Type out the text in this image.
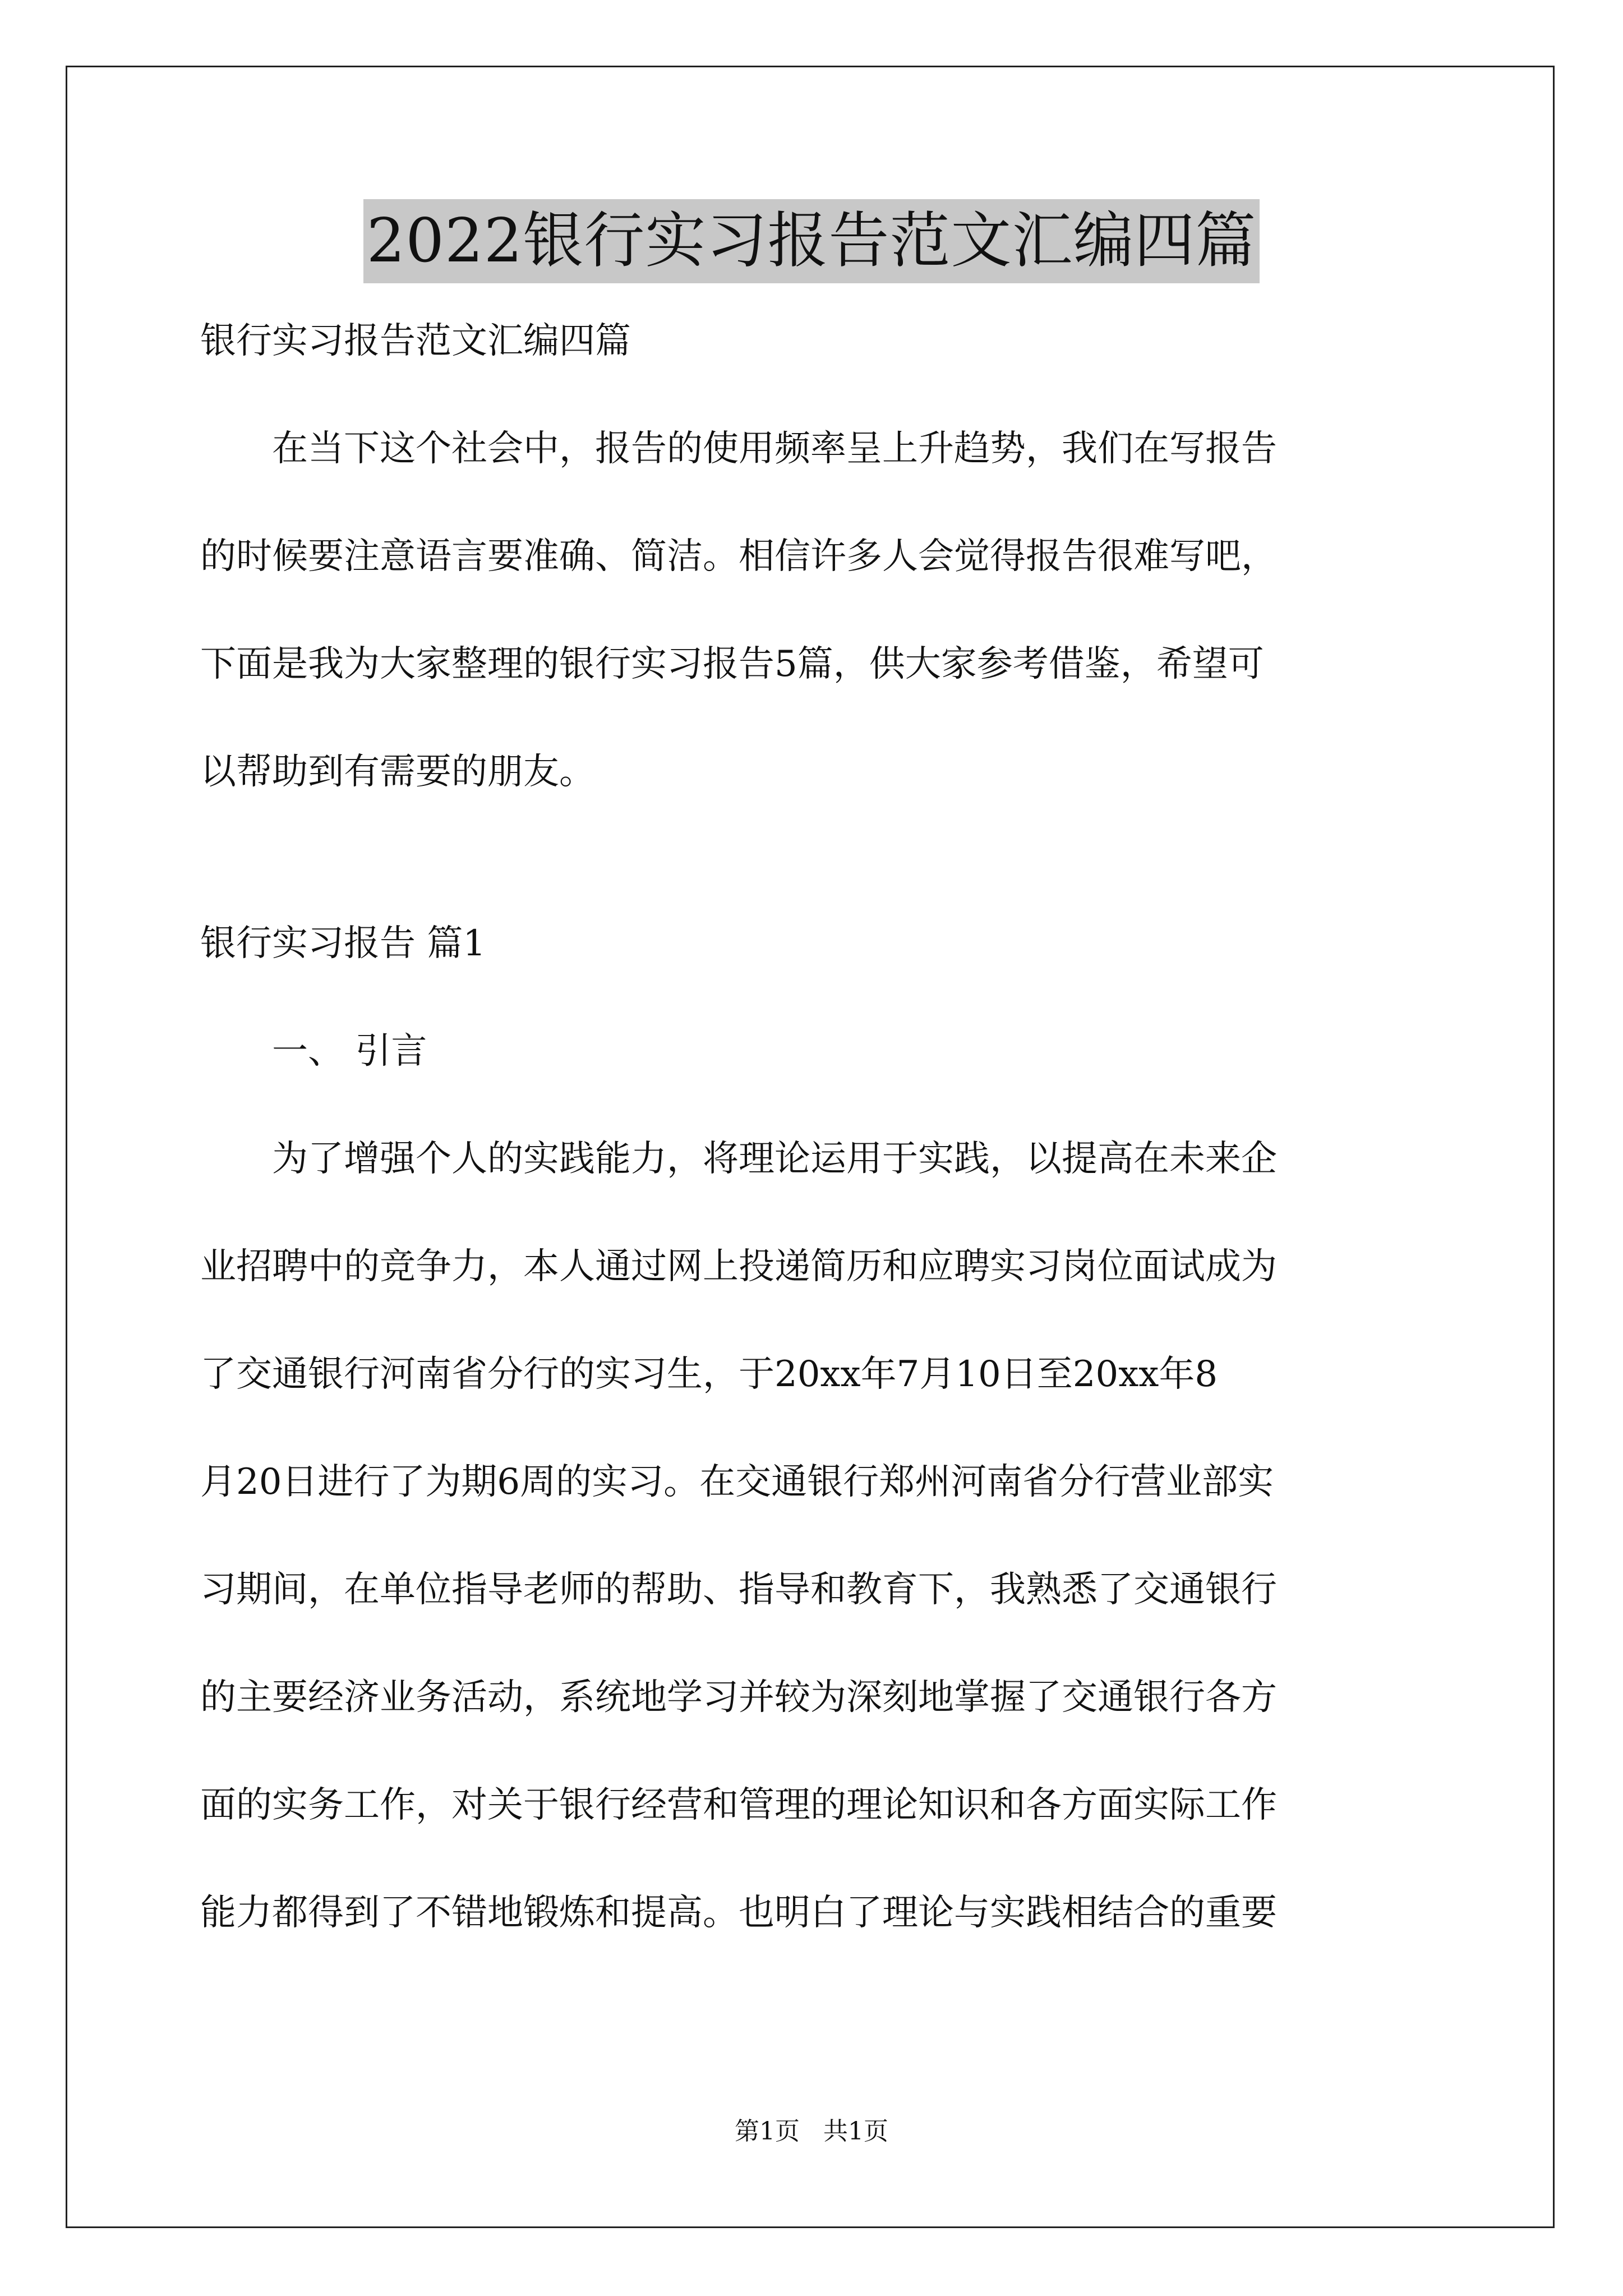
2022银行实习报告范文汇编四篇
银行实习报告范文汇编四篇
　　在当下这个社会中，报告的使用频率呈上升趋势，我们在写报告
的时候要注意语言要准确、简洁。相信许多人会觉得报告很难写吧，
下面是我为大家整理的银行实习报告5篇，供大家参考借鉴，希望可
以帮助到有需要的朋友。
银行实习报告 篇1
　　一、 引言
　　为了增强个人的实践能力，将理论运用于实践，以提高在未来企
业招聘中的竞争力，本人通过网上投递简历和应聘实习岗位面试成为
了交通银行河南省分行的实习生，于20xx年7月10日至20xx年8
月20日进行了为期6周的实习。在交通银行郑州河南省分行营业部实
习期间，在单位指导老师的帮助、指导和教育下，我熟悉了交通银行
的主要经济业务活动，系统地学习并较为深刻地掌握了交通银行各方
面的实务工作，对关于银行经营和管理的理论知识和各方面实际工作
能力都得到了不错地锻炼和提高。也明白了理论与实践相结合的重要
第1页 共1页
